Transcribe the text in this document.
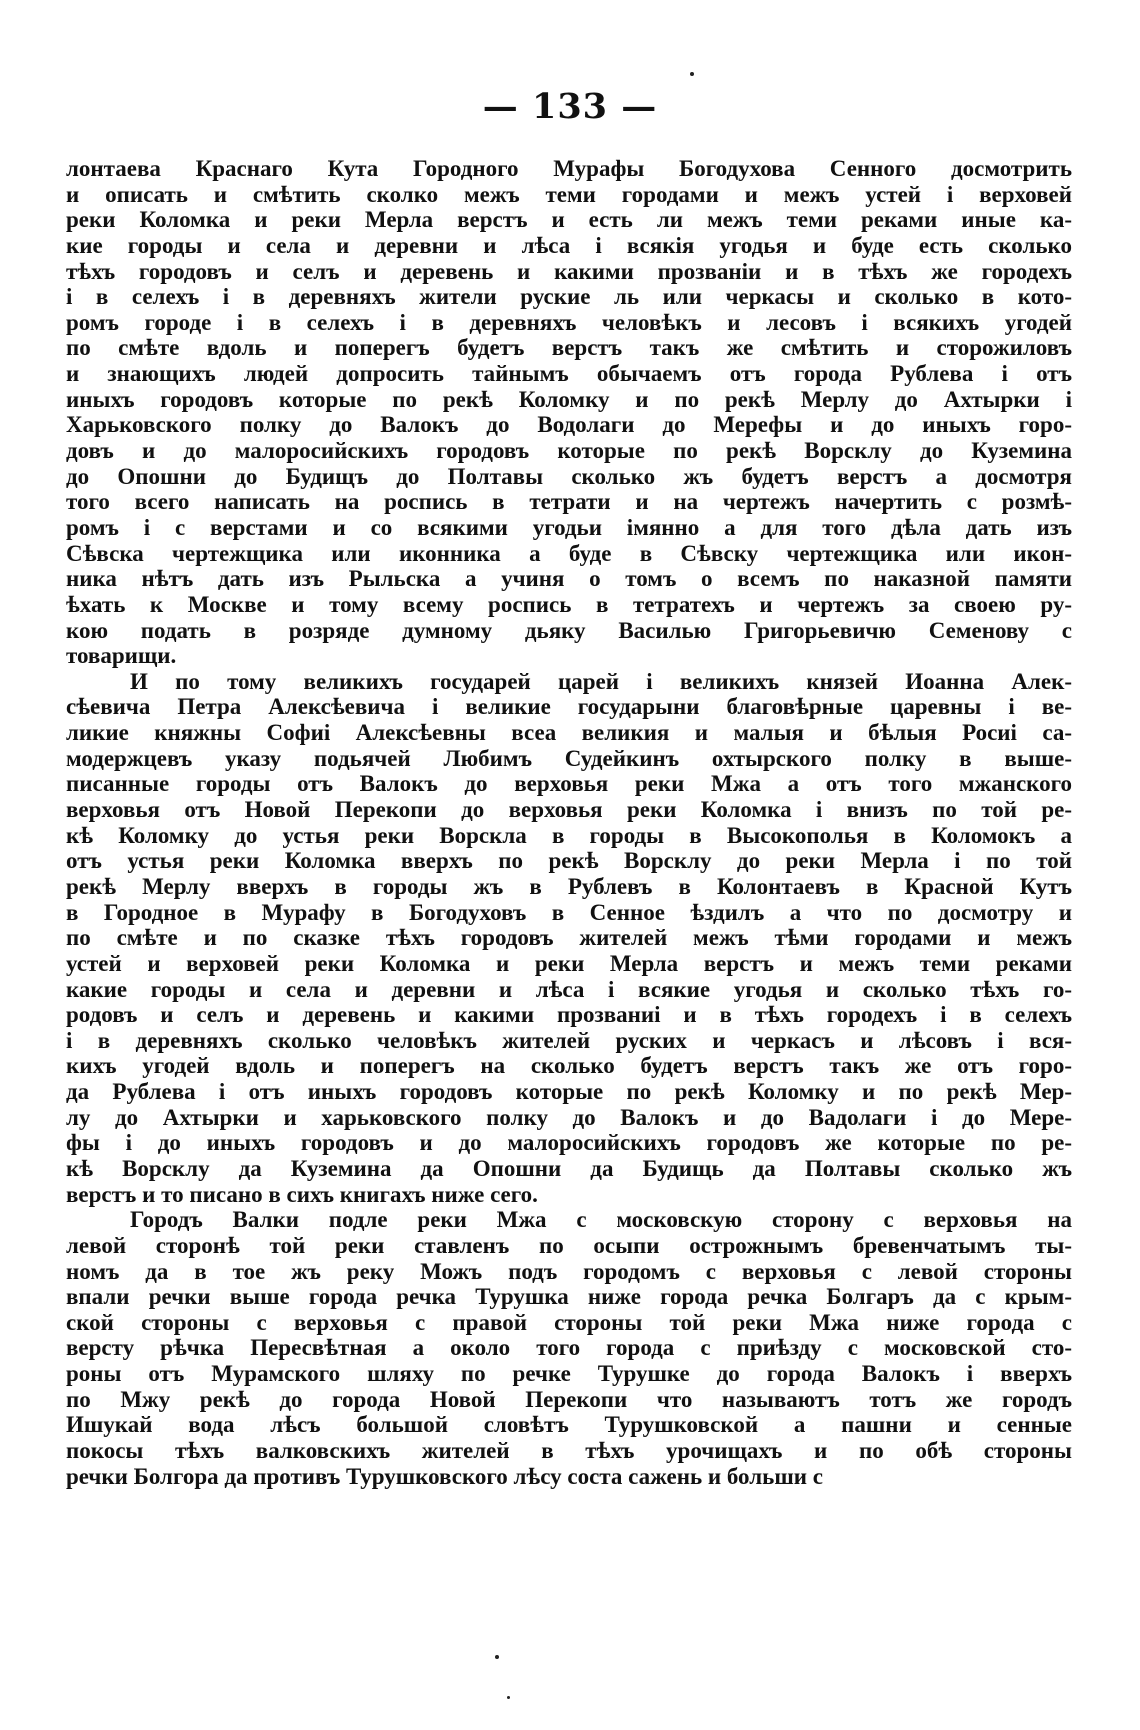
— 133 —
лонтаева Краснаго Кута Городного Мурафы Богодухова Сенного досмотрить
и описать и смѣтить сколко межъ теми городами и межъ устей і верховей
реки Коломка и реки Мерла верстъ и есть ли межъ теми реками иные ка-
кие городы и села и деревни и лѣса і всякія угодья и буде есть сколько
тѣхъ городовъ и селъ и деревень и какими прозваніи и в тѣхъ же городехъ
і в селехъ і в деревняхъ жители руские ль или черкасы и сколько в кото-
ромъ городе і в селехъ і в деревняхъ человѣкъ и лесовъ і всякихъ угодей
по смѣте вдоль и поперегъ будетъ верстъ такъ же смѣтить и сторожиловъ
и знающихъ людей допросить тайнымъ обычаемъ отъ города Рублева і отъ
иныхъ городовъ которые по рекѣ Коломку и по рекѣ Мерлу до Ахтырки і
Харьковского полку до Валокъ до Водолаги до Мерефы и до иныхъ горо-
довъ и до малоросийскихъ городовъ которые по рекѣ Ворсклу до Куземина
до Опошни до Будищъ до Полтавы сколько жъ будетъ верстъ а досмотря
того всего написать на роспись в тетрати и на чертежъ начертить с розмѣ-
ромъ і с верстами и со всякими угодьи імянно а для того дѣла дать изъ
Сѣвска чертежщика или иконника а буде в Сѣвску чертежщика или икон-
ника нѣтъ дать изъ Рыльска а учиня о томъ о всемъ по наказной памяти
ѣхать к Москве и тому всему роспись в тетратехъ и чертежъ за своею ру-
кою подать в розряде думному дьяку Василью Григорьевичю Семенову с
товарищи.
И по тому великихъ государей царей і великихъ князей Иоанна Алек-
сѣевича Петра Алексѣевича і великие государыни благовѣрные царевны і ве-
ликие княжны Софиі Алексѣевны всеа великия и малыя и бѣлыя Росиі са-
модержцевъ указу подьячей Любимъ Судейкинъ охтырского полку в выше-
писанные городы отъ Валокъ до верховья реки Мжа а отъ того мжанского
верховья отъ Новой Перекопи до верховья реки Коломка і внизъ по той ре-
кѣ Коломку до устья реки Ворскла в городы в Высокополья в Коломокъ а
отъ устья реки Коломка вверхъ по рекѣ Ворсклу до реки Мерла і по той
рекѣ Мерлу вверхъ в городы жъ в Рублевъ в Колонтаевъ в Красной Кутъ
в Городное в Мурафу в Богодуховъ в Сенное ѣздилъ а что по досмотру и
по смѣте и по сказке тѣхъ городовъ жителей межъ тѣми городами и межъ
устей и верховей реки Коломка и реки Мерла верстъ и межъ теми реками
какие городы и села и деревни и лѣса і всякие угодья и сколько тѣхъ го-
родовъ и селъ и деревень и какими прозваниі и в тѣхъ городехъ і в селехъ
і в деревняхъ сколько человѣкъ жителей руских и черкасъ и лѣсовъ і вся-
кихъ угодей вдоль и поперегъ на сколько будетъ верстъ такъ же отъ горо-
да Рублева і отъ иныхъ городовъ которые по рекѣ Коломку и по рекѣ Мер-
лу до Ахтырки и харьковского полку до Валокъ и до Вадолаги і до Мере-
фы і до иныхъ городовъ и до малоросийскихъ городовъ же которые по ре-
кѣ Ворсклу да Куземина да Опошни да Будищь да Полтавы сколько жъ
верстъ и то писано в сихъ книгахъ ниже сего.
Городъ Валки подле реки Мжа с московскую сторону с верховья на
левой сторонѣ той реки ставленъ по осыпи острожнымъ бревенчатымъ ты-
номъ да в тое жъ реку Можъ подъ городомъ с верховья с левой стороны
впали речки выше города речка Турушка ниже города речка Болгаръ да с крым-
ской стороны с верховья с правой стороны той реки Мжа ниже города с
версту рѣчка Пересвѣтная а около того города с приѣзду с московской сто-
роны отъ Мурамского шляху по речке Турушке до города Валокъ і вверхъ
по Мжу рекѣ до города Новой Перекопи что называютъ тотъ же городъ
Ишукай вода лѣсъ большой словѣтъ Турушковской а пашни и сенные
покосы тѣхъ валковскихъ жителей в тѣхъ урочищахъ и по обѣ стороны
речки Болгора да противъ Турушковского лѣсу соста сажень и больши с
